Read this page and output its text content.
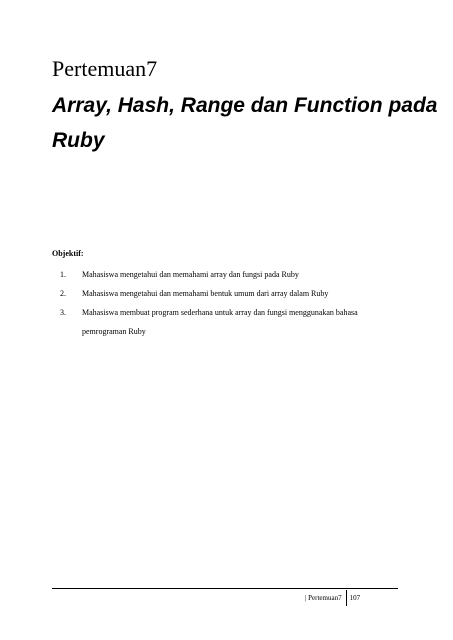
Pertemuan7
Array, Hash, Range dan Function pada
Ruby
Objektif:
1.	Mahasiswa mengetahui dan memahami array dan fungsi pada Ruby
2.	Mahasiswa mengetahui dan memahami bentuk umum dari array dalam Ruby
3.	Mahasiswa membuat program sederhana untuk array dan fungsi menggunakan bahasa
pemrograman Ruby
| Pertemuan7	107
